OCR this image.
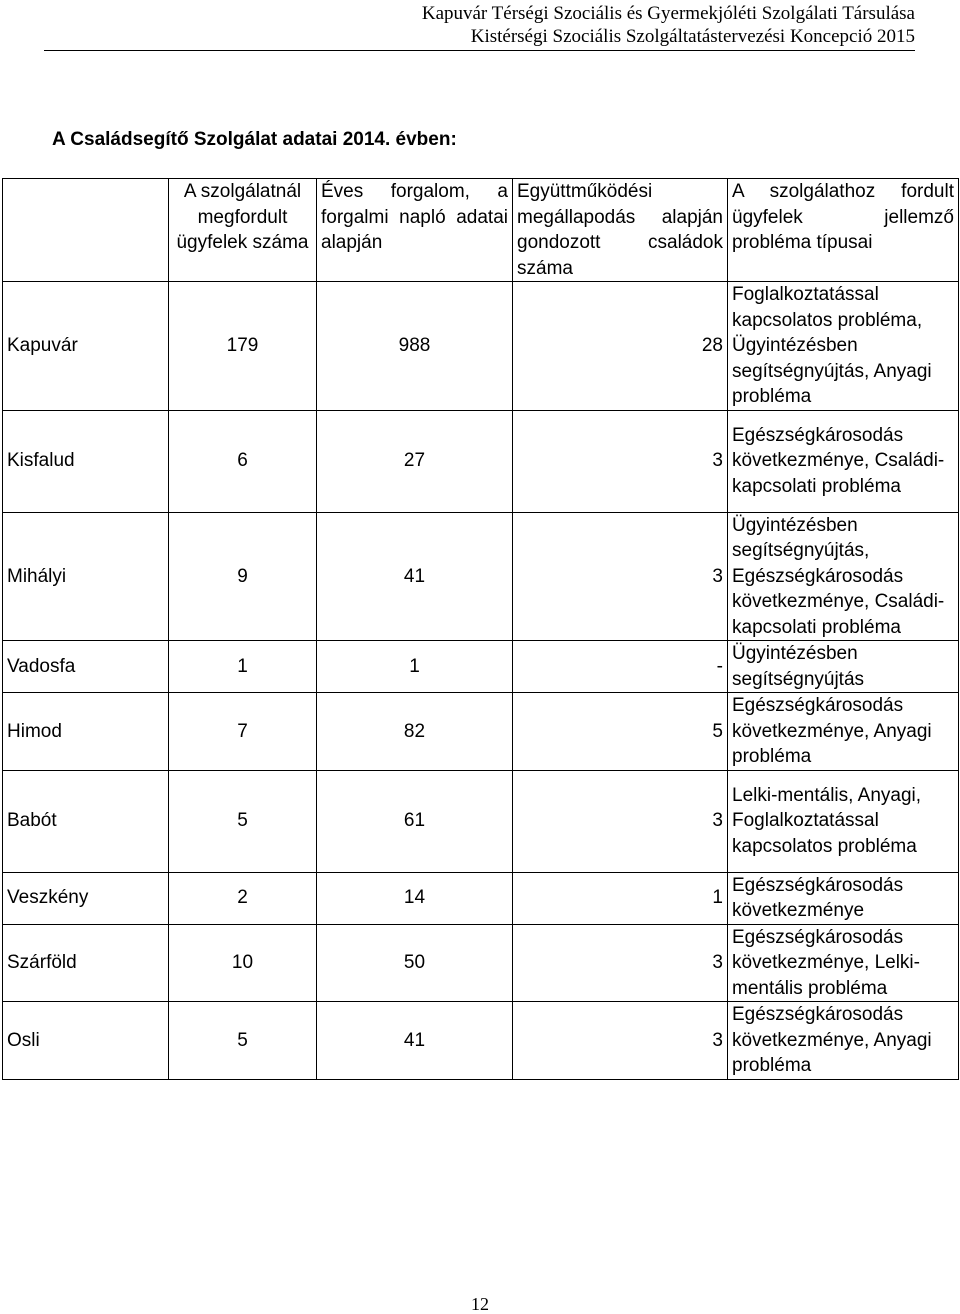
Kapuvár Térségi Szociális és Gyermekjóléti Szolgálati Társulása
Kistérségi Szociális Szolgáltatástervezési Koncepció 2015
A Családsegítő Szolgálat adatai 2014. évben:
	A szolgálatnál megfordult ügyfelek száma	Éves forgalom, a forgalmi napló adatai alapján	Együttműködési megállapodás alapján gondozott családok száma	A szolgálathoz fordult ügyfelek jellemző probléma típusai
Kapuvár	179	988	28	Foglalkoztatással kapcsolatos probléma, Ügyintézésben segítségnyújtás, Anyagi probléma
Kisfalud	6	27	3	Egészségkárosodás következménye, Családi-kapcsolati probléma
Mihályi	9	41	3	Ügyintézésben segítségnyújtás, Egészségkárosodás következménye, Családi-kapcsolati probléma
Vadosfa	1	1	-	Ügyintézésben segítségnyújtás
Himod	7	82	5	Egészségkárosodás következménye, Anyagi probléma
Babót	5	61	3	Lelki-mentális, Anyagi, Foglalkoztatással kapcsolatos probléma
Veszkény	2	14	1	Egészségkárosodás következménye
Szárföld	10	50	3	Egészségkárosodás következménye, Lelki-mentális probléma
Osli	5	41	3	Egészségkárosodás következménye, Anyagi probléma
12
